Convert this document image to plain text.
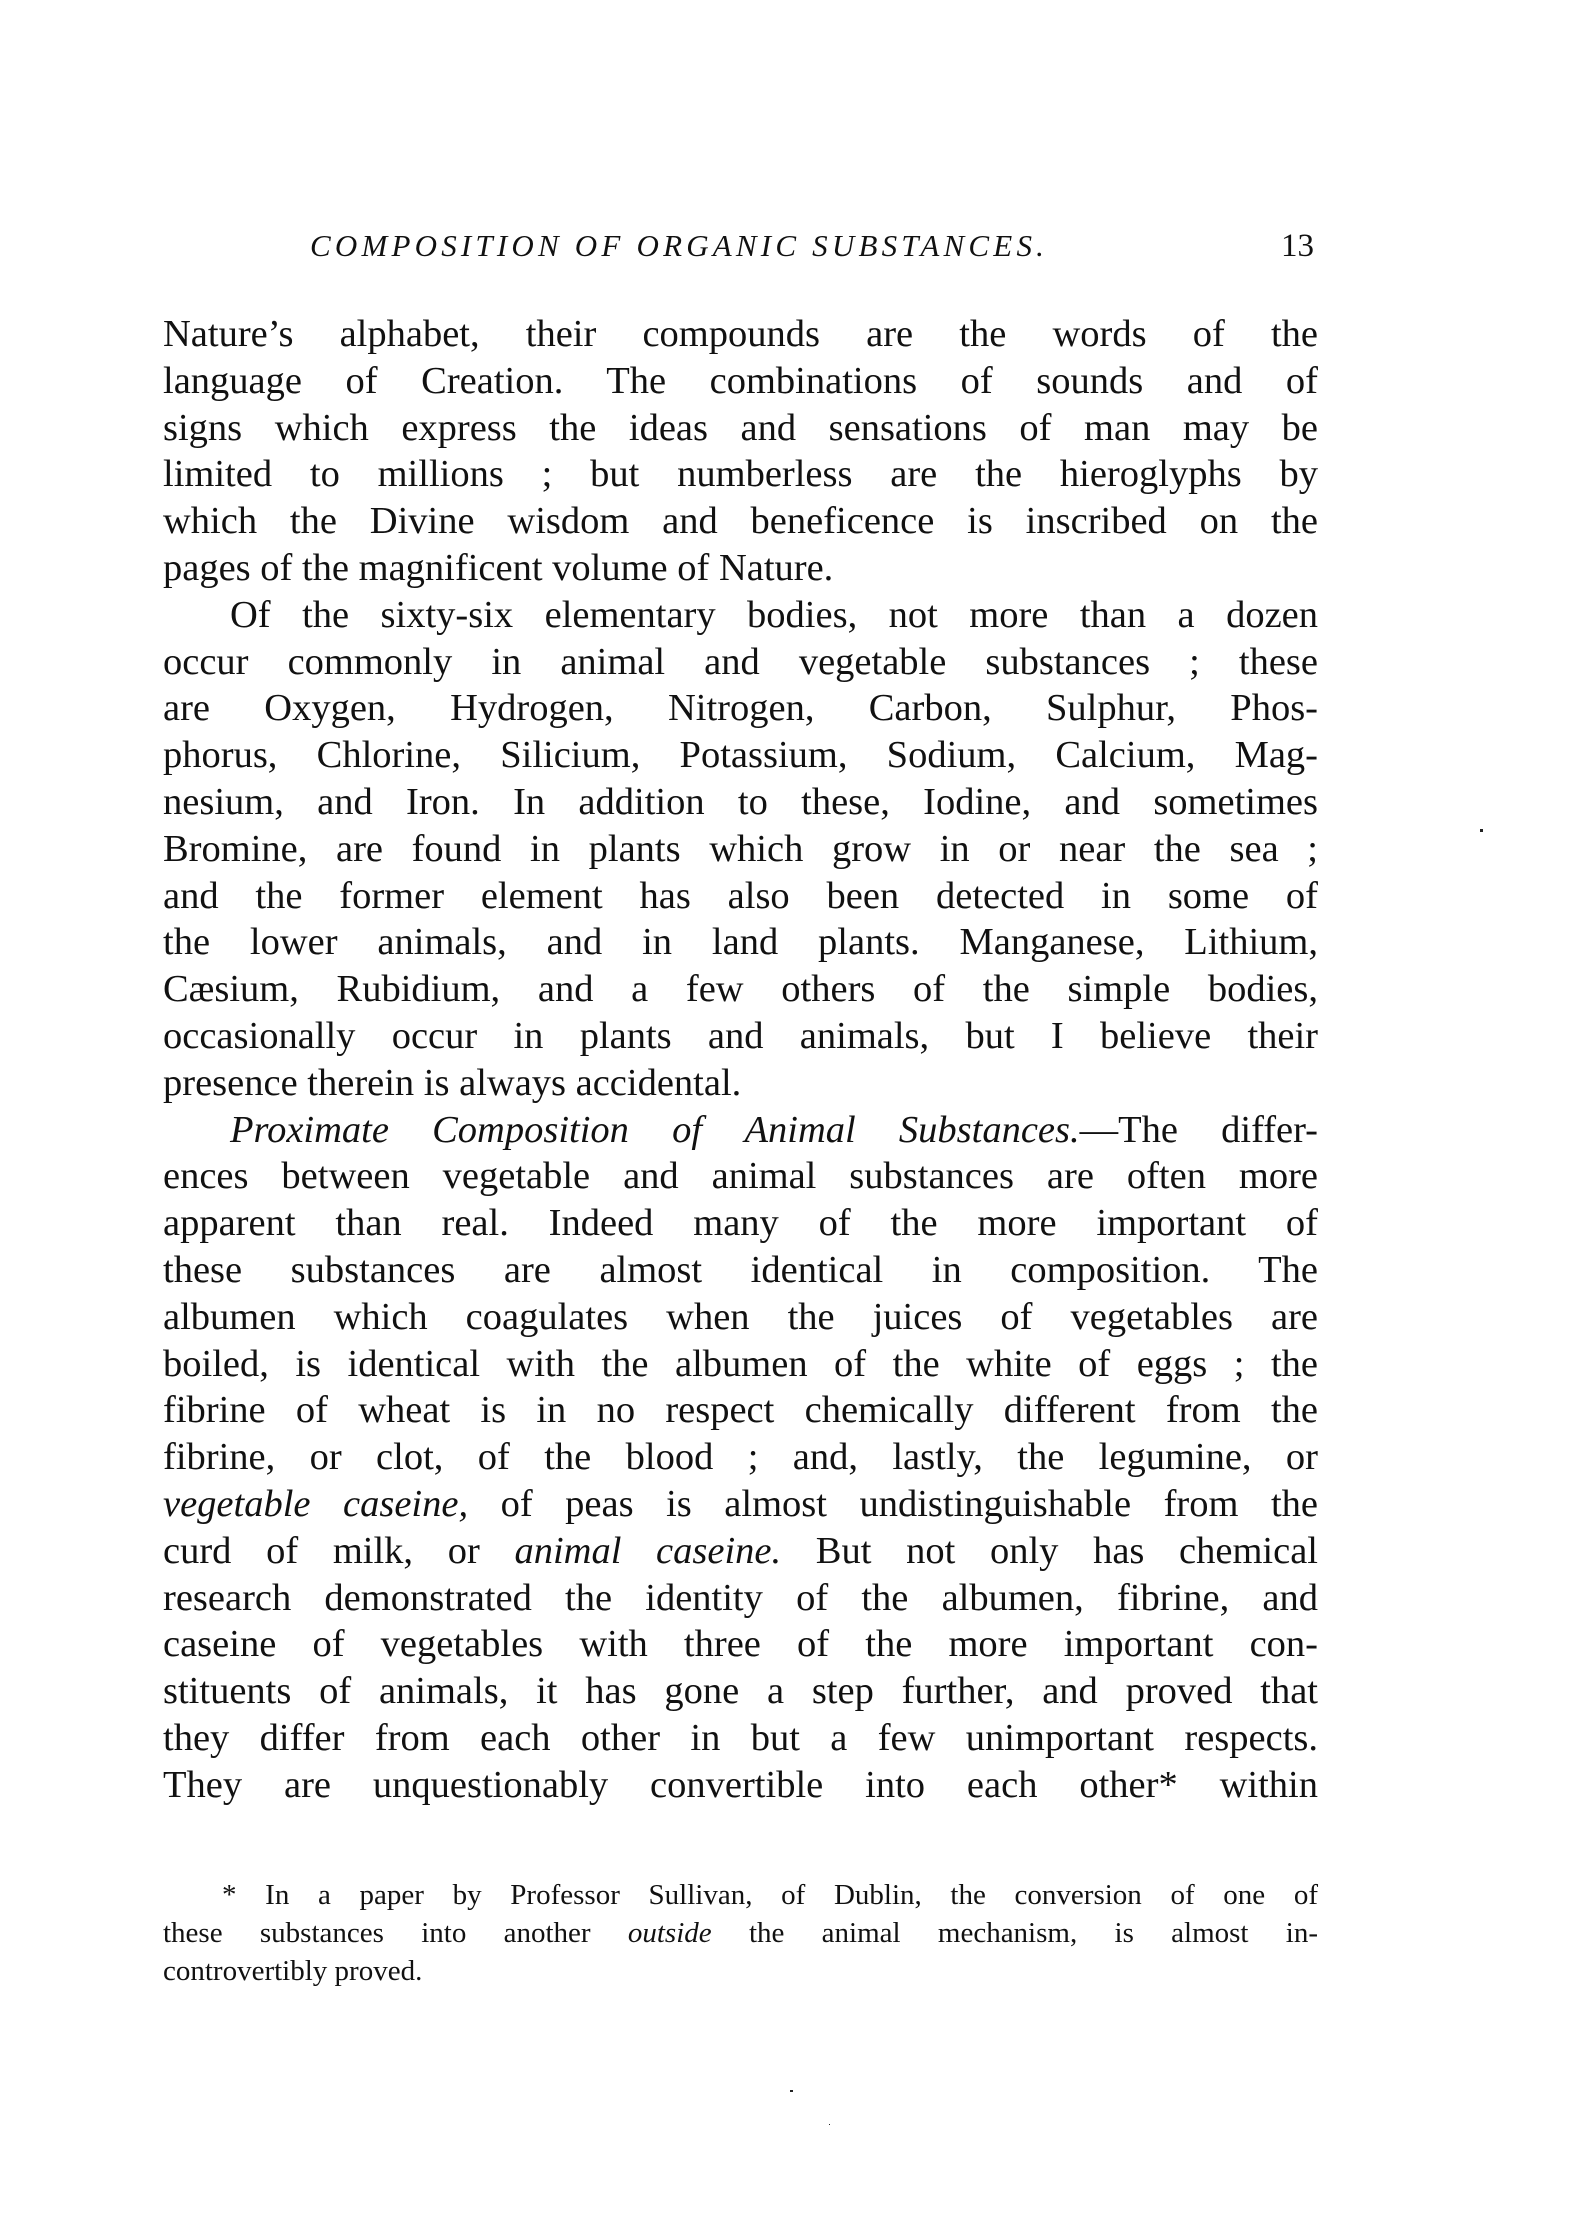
COMPOSITION OF ORGANIC SUBSTANCES.	13
Nature’s alphabet, their compounds are the words of the
language of Creation. The combinations of sounds and of
signs which express the ideas and sensations of man may be
limited to millions ; but numberless are the hieroglyphs by
which the Divine wisdom and beneficence is inscribed on the
pages of the magnificent volume of Nature.
Of the sixty-six elementary bodies, not more than a dozen
occur commonly in animal and vegetable substances ; these
are Oxygen, Hydrogen, Nitrogen, Carbon, Sulphur, Phos-
phorus, Chlorine, Silicium, Potassium, Sodium, Calcium, Mag-
nesium, and Iron. In addition to these, Iodine, and sometimes
Bromine, are found in plants which grow in or near the sea ;
and the former element has also been detected in some of
the lower animals, and in land plants. Manganese, Lithium,
Cæsium, Rubidium, and a few others of the simple bodies,
occasionally occur in plants and animals, but I believe their
presence therein is always accidental.
Proximate Composition of Animal Substances.—The differ-
ences between vegetable and animal substances are often more
apparent than real. Indeed many of the more important of
these substances are almost identical in composition. The
albumen which coagulates when the juices of vegetables are
boiled, is identical with the albumen of the white of eggs ; the
fibrine of wheat is in no respect chemically different from the
fibrine, or clot, of the blood ; and, lastly, the legumine, or
vegetable caseine, of peas is almost undistinguishable from the
curd of milk, or animal caseine. But not only has chemical
research demonstrated the identity of the albumen, fibrine, and
caseine of vegetables with three of the more important con-
stituents of animals, it has gone a step further, and proved that
they differ from each other in but a few unimportant respects.
They are unquestionably convertible into each other* within
* In a paper by Professor Sullivan, of Dublin, the conversion of one of
these substances into another outside the animal mechanism, is almost in-
controvertibly proved.
